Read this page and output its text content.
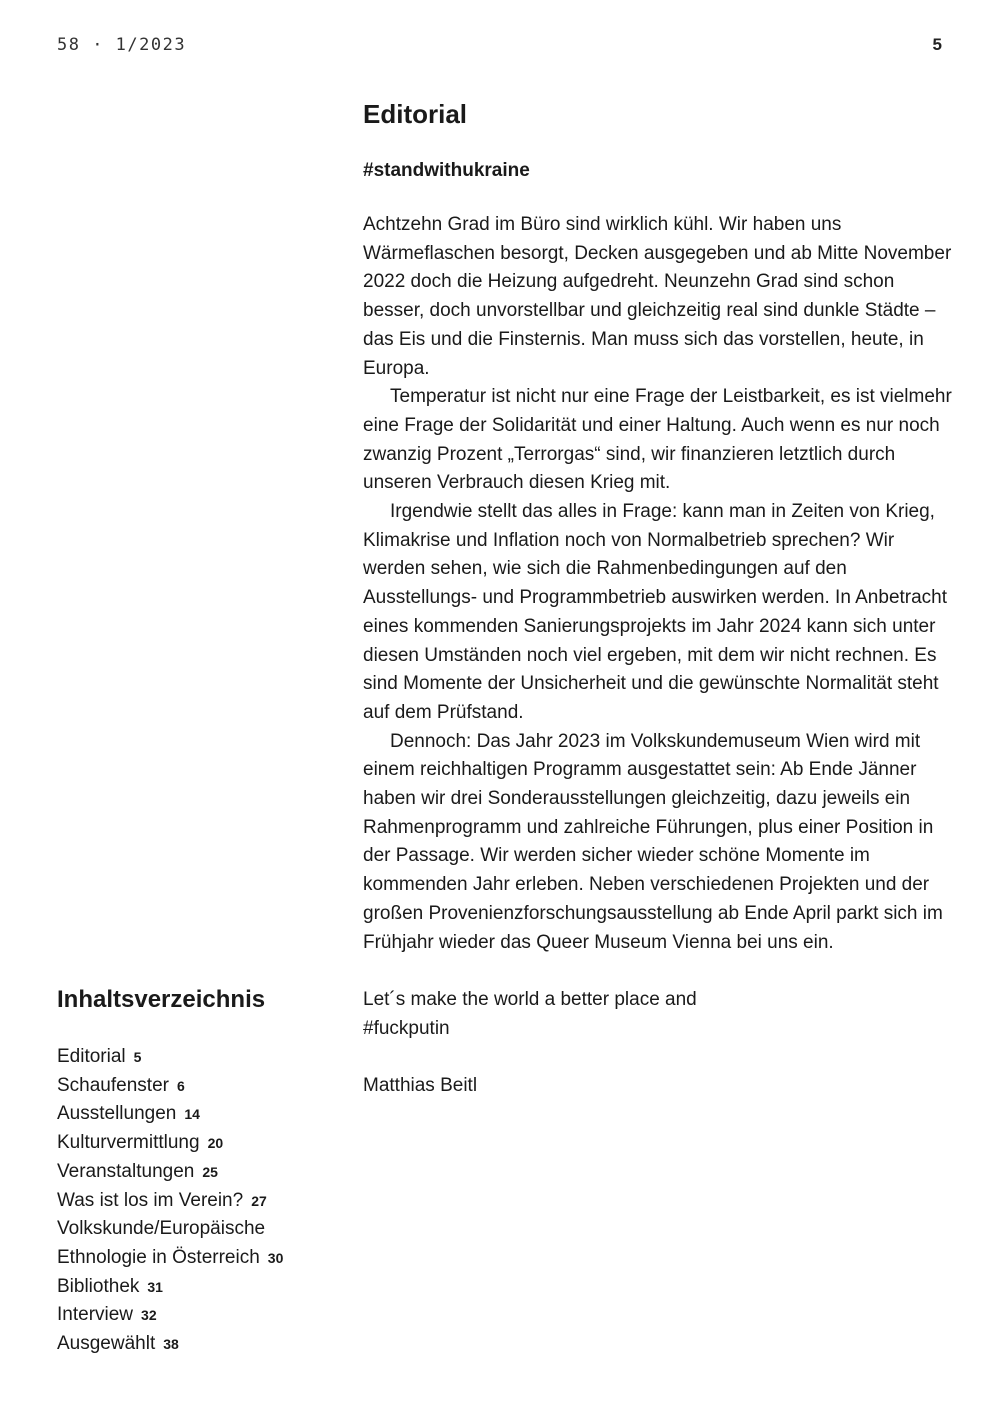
58 · 1/2023	5
Editorial
#standwithukraine

Achtzehn Grad im Büro sind wirklich kühl. Wir haben uns Wärmeflaschen besorgt, Decken ausgegeben und ab Mitte November 2022 doch die Heizung aufgedreht. Neunzehn Grad sind schon besser, doch unvorstellbar und gleichzeitig real sind dunkle Städte – das Eis und die Finsternis. Man muss sich das vorstellen, heute, in Europa.

Temperatur ist nicht nur eine Frage der Leistbarkeit, es ist vielmehr eine Frage der Solidarität und einer Haltung. Auch wenn es nur noch zwanzig Prozent „Terrorgas“ sind, wir finanzieren letztlich durch unseren Verbrauch diesen Krieg mit.

Irgendwie stellt das alles in Frage: kann man in Zeiten von Krieg, Klimakrise und Inflation noch von Normalbetrieb sprechen? Wir werden sehen, wie sich die Rahmenbedingungen auf den Ausstellungs- und Programmbetrieb auswirken werden. In Anbetracht eines kommenden Sanierungsprojekts im Jahr 2024 kann sich unter diesen Umständen noch viel ergeben, mit dem wir nicht rechnen. Es sind Momente der Unsicherheit und die gewünschte Normalität steht auf dem Prüfstand.

Dennoch: Das Jahr 2023 im Volkskundemuseum Wien wird mit einem reichhaltigen Programm ausgestattet sein: Ab Ende Jänner haben wir drei Sonderausstellungen gleichzeitig, dazu jeweils ein Rahmenprogramm und zahlreiche Führungen, plus einer Position in der Passage. Wir werden sicher wieder schöne Momente im kommenden Jahr erleben. Neben verschiedenen Projekten und der großen Provenienzforschungsausstellung ab Ende April parkt sich im Frühjahr wieder das Queer Museum Vienna bei uns ein.

Let´s make the world a better place and
#fuckputin
Matthias Beitl
Inhaltsverzeichnis
Editorial 5
Schaufenster 6
Ausstellungen 14
Kulturvermittlung 20
Veranstaltungen 25
Was ist los im Verein? 27
Volkskunde/Europäische Ethnologie in Österreich 30
Bibliothek 31
Interview 32
Ausgewählt 38
